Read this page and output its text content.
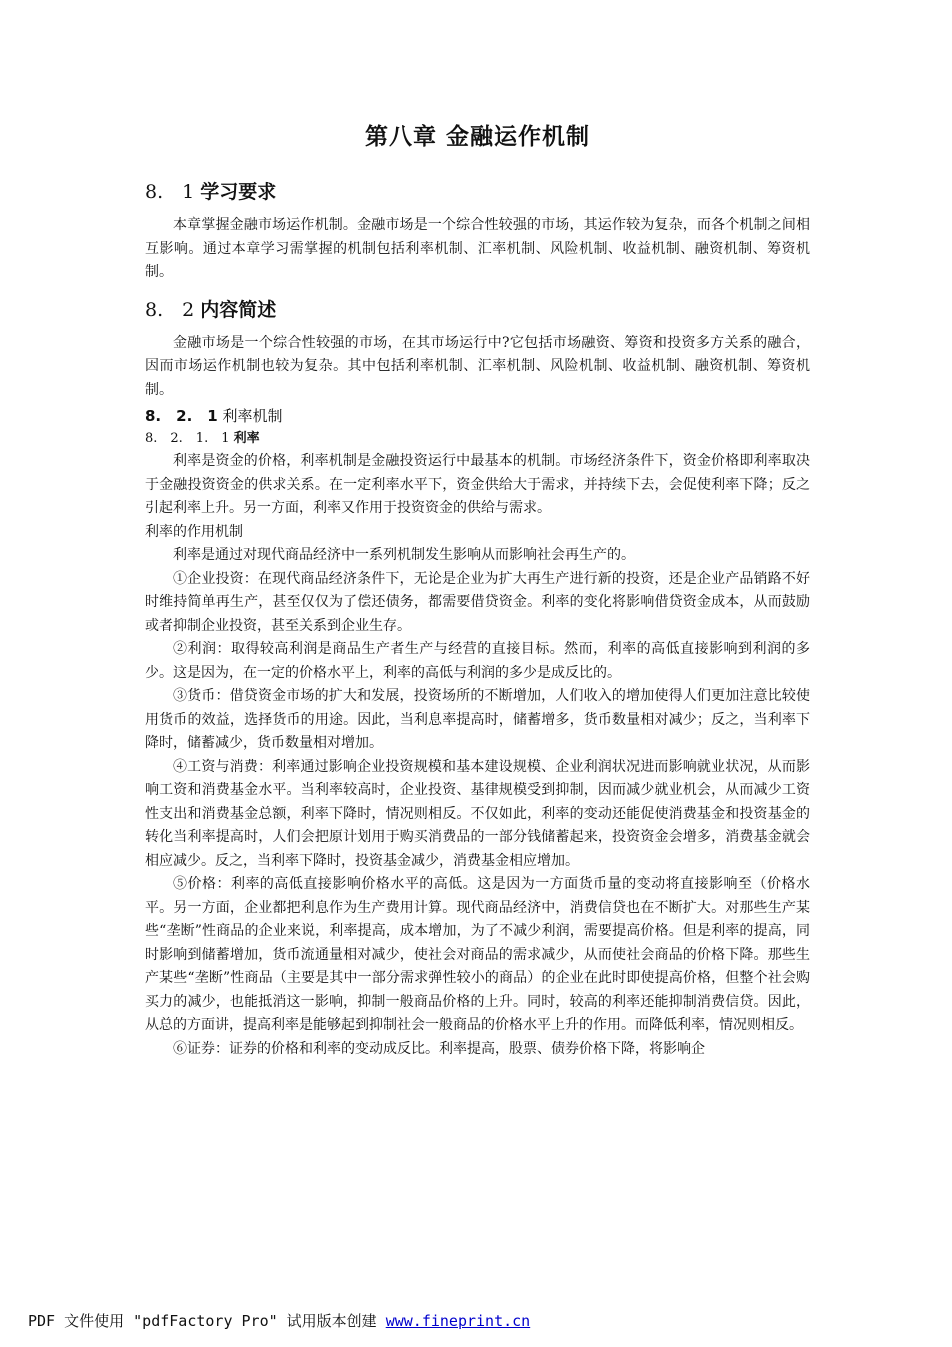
第八章 金融运作机制
8.　1 学习要求

本章掌握金融市场运作机制。金融市场是一个综合性较强的市场，其运作较为复杂，而各个机制之间相互影响。通过本章学习需掌握的机制包括利率机制、汇率机制、风险机制、收益机制、融资机制、筹资机制。

8.　2 内容简述

金融市场是一个综合性较强的市场，在其市场运行中?它包括市场融资、筹资和投资多方关系的融合，因而市场运作机制也较为复杂。其中包括利率机制、汇率机制、风险机制、收益机制、融资机制、筹资机制。

8.　2.　1 利率机制
8.　2.　1.　1 利率

利率是资金的价格，利率机制是金融投资运行中最基本的机制。市场经济条件下，资金价格即利率取决于金融投资资金的供求关系。在一定利率水平下，资金供给大于需求，并持续下去，会促使利率下降；反之引起利率上升。另一方面，利率又作用于投资资金的供给与需求。

利率的作用机制

利率是通过对现代商品经济中一系列机制发生影响从而影响社会再生产的。

①企业投资：在现代商品经济条件下，无论是企业为扩大再生产进行新的投资，还是企业产品销路不好时维持简单再生产，甚至仅仅为了偿还债务，都需要借贷资金。利率的变化将影响借贷资金成本，从而鼓励或者抑制企业投资，甚至关系到企业生存。

②利润：取得较高利润是商品生产者生产与经营的直接目标。然而，利率的高低直接影响到利润的多少。这是因为，在一定的价格水平上，利率的高低与利润的多少是成反比的。

③货币：借贷资金市场的扩大和发展，投资场所的不断增加，人们收入的增加使得人们更加注意比较使用货币的效益，选择货币的用途。因此，当利息率提高时，储蓄增多，货币数量相对减少；反之，当利率下降时，储蓄减少，货币数量相对增加。

④工资与消费：利率通过影响企业投资规模和基本建设规模、企业利润状况进而影响就业状况，从而影响工资和消费基金水平。当利率较高时，企业投资、基律规模受到抑制，因而减少就业机会，从而减少工资性支出和消费基金总额，利率下降时，情况则相反。不仅如此，利率的变动还能促使消费基金和投资基金的转化当利率提高时，人们会把原计划用于购买消费品的一部分钱储蓄起来，投资资金会增多，消费基金就会相应减少。反之，当利率下降时，投资基金减少，消费基金相应增加。

⑤价格：利率的高低直接影响价格水平的高低。这是因为一方面货币量的变动将直接影响至（价格水平。另一方面，企业都把利息作为生产费用计算。现代商品经济中，消费信贷也在不断扩大。对那些生产某些“垄断”性商品的企业来说，利率提高，成本增加，为了不减少利润，需要提高价格。但是利率的提高，同时影响到储蓄增加，货币流通量相对减少，使社会对商品的需求减少，从而使社会商品的价格下降。那些生产某些“垄断”性商品（主要是其中一部分需求弹性较小的商品）的企业在此时即使提高价格，但整个社会购买力的减少，也能抵消这一影响，抑制一般商品价格的上升。同时，较高的利率还能抑制消费信贷。因此，从总的方面讲，提高利率是能够起到抑制社会一般商品的价格水平上升的作用。而降低利率，情况则相反。

⑥证券：证券的价格和利率的变动成反比。利率提高，股票、债券价格下降，将影响企

PDF 文件使用 "pdfFactory Pro" 试用版本创建 www.fineprint.cn
